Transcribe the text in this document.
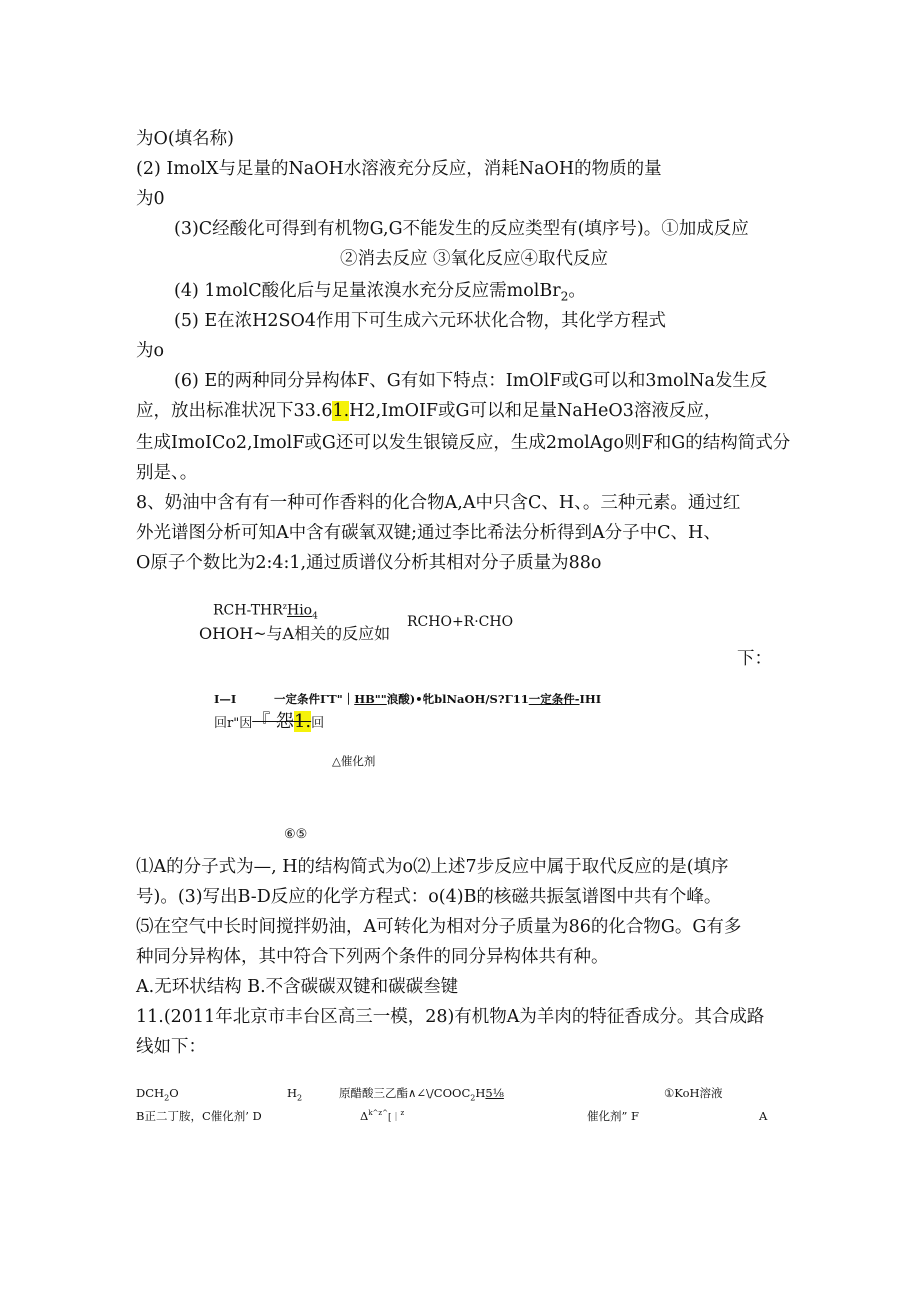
为O(填名称)
(2) ImolX与足量的NaOH水溶液充分反应，消耗NaOH的物质的量
为0
(3)C经酸化可得到有机物G,G不能发生的反应类型有(填序号)。①加成反应
②消去反应 ③氧化反应④取代反应
(4) 1molC酸化后与足量浓溴水充分反应需molBr$_2$。
(5) E在浓H2SO4作用下可生成六元环状化合物，其化学方程式
为o
(6) E的两种同分异构体F、G有如下特点：ImOlF或G可以和3molNa发生反
应，放出标准状况下33.61.H2,ImOIF或G可以和足量NaHeO3溶液反应，
生成ImoICo2,ImolF或G还可以发生银镜反应，生成2molAgo则F和G的结构简式分
别是、。
8、奶油中含有有一种可作香料的化合物A,A中只含C、H、。三种元素。通过红
外光谱图分析可知A中含有碳氧双键;通过李比希法分析得到A分子中C、H、
O原子个数比为2:4:1,通过质谱仪分析其相对分子质量为88o
RCH-$THR^zHio_4$
OHOH~与A相关的反应如
RCHO+R·CHO
下：
I—I	一定条件ΓT"｜HB""浪酸)•牝blNaOH/S?Γ11一定条件-IHI
回r"因『 怨1.回
△催化剂
⑥⑤
⑴A的分子式为—, H的结构简式为o⑵上述7步反应中属于取代反应的是(填序
号)。(3)写出B-D反应的化学方程式：o(4)B的核磁共振氢谱图中共有个峰。
⑸在空气中长时间搅拌奶油，A可转化为相对分子质量为86的化合物G。G有多
种同分异构体，其中符合下列两个条件的同分异构体共有种。
A.无环状结构 B.不含碳碳双键和碳碳叁键
11.(2011年北京市丰台区高三一模，28)有机物A为羊肉的特征香成分。其合成路
线如下：
$DCH_2O$	$H_2$	原醋酸三乙酯$\wedge\angle\backslash/COOC_2H5\frac{1}{8}$	①KoH溶液
B正二丁胺，C催化剂’ D	$\Delta^{k\^{}z\^{}}[|^z$	催化剂” F	A
